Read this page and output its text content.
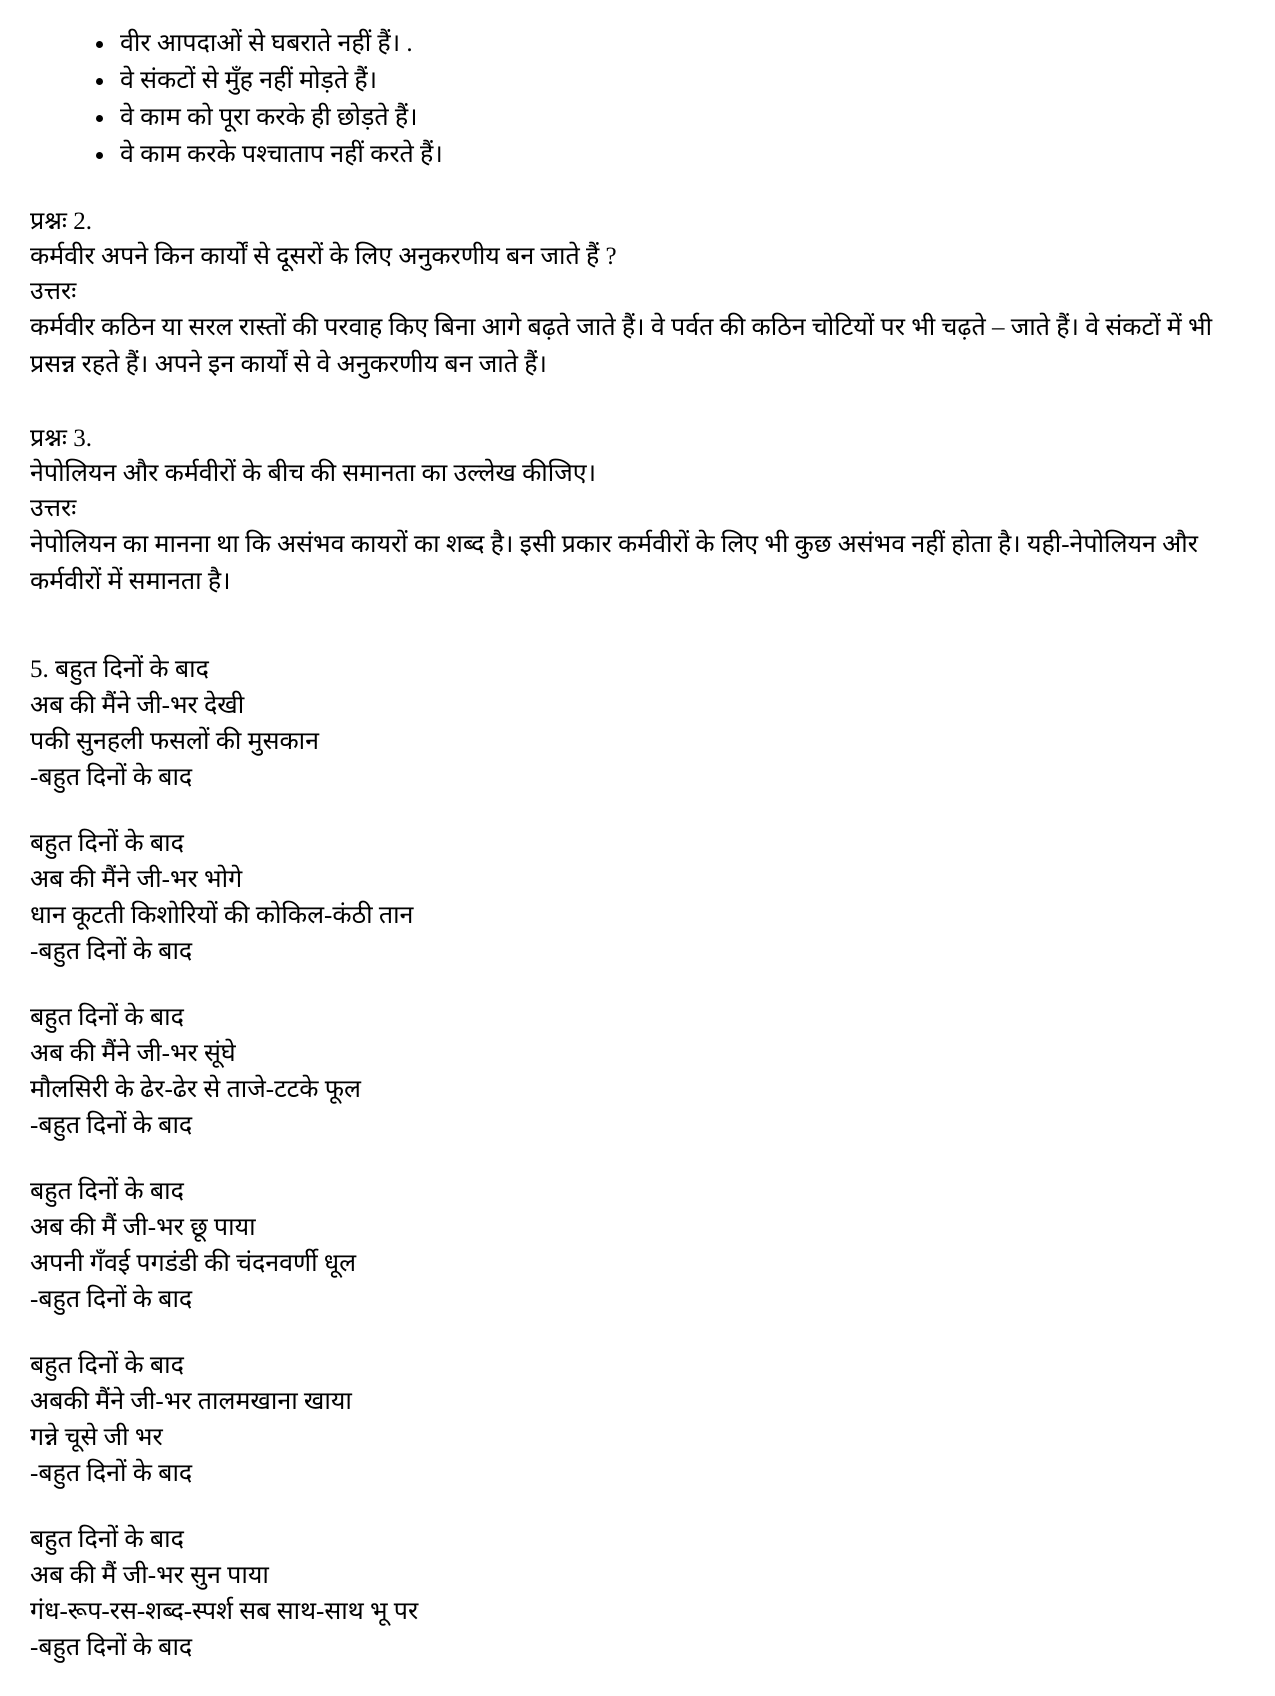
वीर आपदाओं से घबराते नहीं हैं। .
वे संकटों से मुँह नहीं मोड़ते हैं।
वे काम को पूरा करके ही छोड़ते हैं।
वे काम करके पश्चाताप नहीं करते हैं।
प्रश्नः 2.
कर्मवीर अपने किन कार्यों से दूसरों के लिए अनुकरणीय बन जाते हैं ?
उत्तरः
कर्मवीर कठिन या सरल रास्तों की परवाह किए बिना आगे बढ़ते जाते हैं। वे पर्वत की कठिन चोटियों पर भी चढ़ते – जाते हैं। वे संकटों में भी प्रसन्न रहते हैं। अपने इन कार्यों से वे अनुकरणीय बन जाते हैं।
प्रश्नः 3.
नेपोलियन और कर्मवीरों के बीच की समानता का उल्लेख कीजिए।
उत्तरः
नेपोलियन का मानना था कि असंभव कायरों का शब्द है। इसी प्रकार कर्मवीरों के लिए भी कुछ असंभव नहीं होता है। यही-नेपोलियन और कर्मवीरों में समानता है।
5. बहुत दिनों के बाद
अब की मैंने जी-भर देखी
पकी सुनहली फसलों की मुसकान
-बहुत दिनों के बाद
बहुत दिनों के बाद
अब की मैंने जी-भर भोगे
धान कूटती किशोरियों की कोकिल-कंठी तान
-बहुत दिनों के बाद
बहुत दिनों के बाद
अब की मैंने जी-भर सूंघे
मौलसिरी के ढेर-ढेर से ताजे-टटके फूल
-बहुत दिनों के बाद
बहुत दिनों के बाद
अब की मैं जी-भर छू पाया
अपनी गँवई पगडंडी की चंदनवर्णी धूल
-बहुत दिनों के बाद
बहुत दिनों के बाद
अबकी मैंने जी-भर तालमखाना खाया
गन्ने चूसे जी भर
-बहुत दिनों के बाद
बहुत दिनों के बाद
अब की मैं जी-भर सुन पाया
गंध-रूप-रस-शब्द-स्पर्श सब साथ-साथ भू पर
-बहुत दिनों के बाद
